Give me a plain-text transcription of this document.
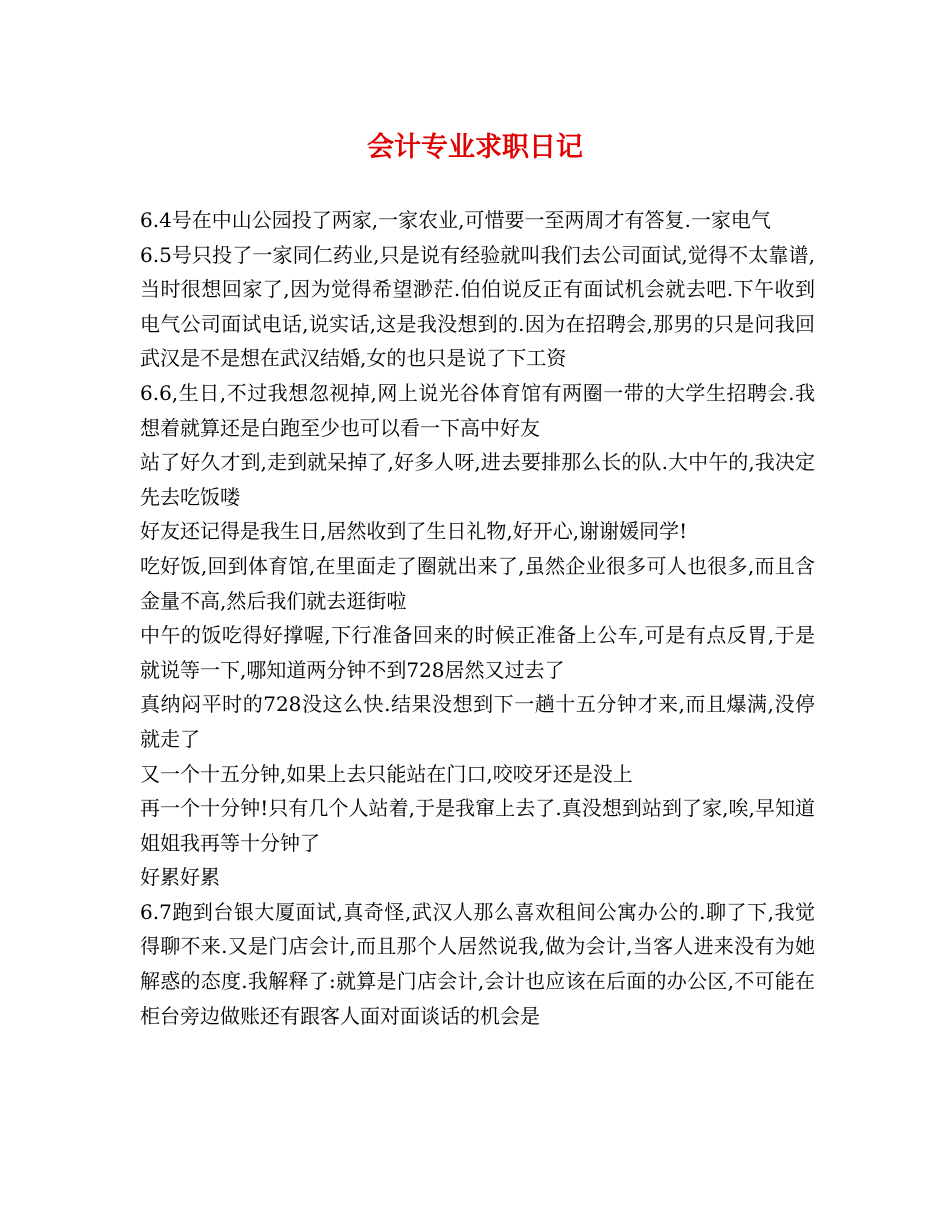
会计专业求职日记

6.4号在中山公园投了两家,一家农业,可惜要一至两周才有答复.一家电气

6.5号只投了一家同仁药业,只是说有经验就叫我们去公司面试,觉得不太靠谱,当时很想回家了,因为觉得希望渺茫.伯伯说反正有面试机会就去吧.下午收到电气公司面试电话,说实话,这是我没想到的.因为在招聘会,那男的只是问我回武汉是不是想在武汉结婚,女的也只是说了下工资

6.6,生日,不过我想忽视掉,网上说光谷体育馆有两圈一带的大学生招聘会.我想着就算还是白跑至少也可以看一下高中好友

站了好久才到,走到就呆掉了,好多人呀,进去要排那么长的队.大中午的,我决定先去吃饭喽

好友还记得是我生日,居然收到了生日礼物,好开心,谢谢媛同学!

吃好饭,回到体育馆,在里面走了圈就出来了,虽然企业很多可人也很多,而且含金量不高,然后我们就去逛街啦

中午的饭吃得好撑喔,下行准备回来的时候正准备上公车,可是有点反胃,于是就说等一下,哪知道两分钟不到728居然又过去了

真纳闷平时的728没这么快.结果没想到下一趟十五分钟才来,而且爆满,没停就走了

又一个十五分钟,如果上去只能站在门口,咬咬牙还是没上

再一个十分钟!只有几个人站着,于是我窜上去了.真没想到站到了家,唉,早知道姐姐我再等十分钟了

好累好累

6.7跑到台银大厦面试,真奇怪,武汉人那么喜欢租间公寓办公的.聊了下,我觉得聊不来.又是门店会计,而且那个人居然说我,做为会计,当客人进来没有为她解惑的态度.我解释了:就算是门店会计,会计也应该在后面的办公区,不可能在柜台旁边做账还有跟客人面对面谈话的机会是
